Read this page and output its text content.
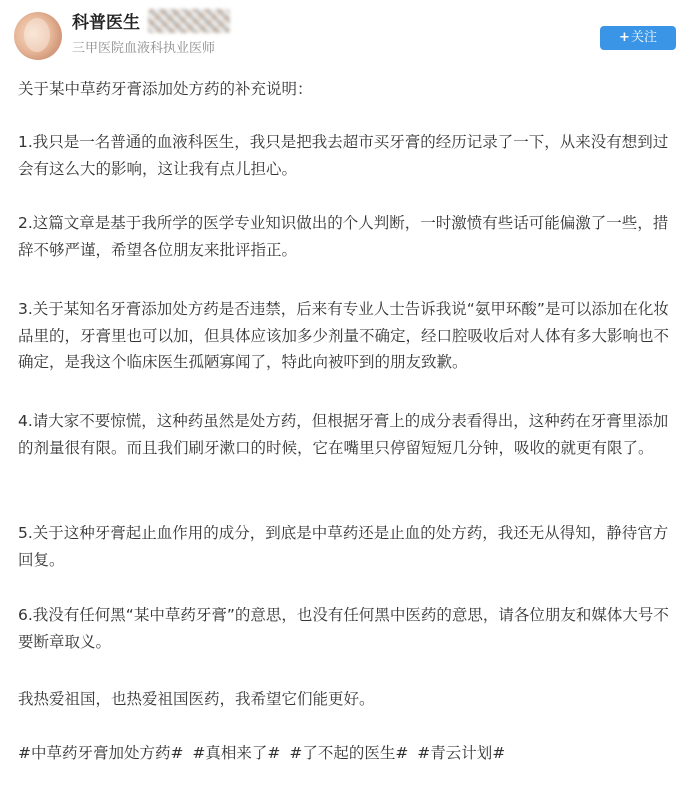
科普医生
三甲医院血液科执业医师
+关注

关于某中草药牙膏添加处方药的补充说明：

1.我只是一名普通的血液科医生，我只是把我去超市买牙膏的经历记录了一下，从来没有想到过会有这么大的影响，这让我有点儿担心。

2.这篇文章是基于我所学的医学专业知识做出的个人判断，一时激愤有些话可能偏激了一些，措辞不够严谨，希望各位朋友来批评指正。

3.关于某知名牙膏添加处方药是否违禁，后来有专业人士告诉我说“氨甲环酸”是可以添加在化妆品里的，牙膏里也可以加，但具体应该加多少剂量不确定，经口腔吸收后对人体有多大影响也不确定，是我这个临床医生孤陋寡闻了，特此向被吓到的朋友致歉。

4.请大家不要惊慌，这种药虽然是处方药，但根据牙膏上的成分表看得出，这种药在牙膏里添加的剂量很有限。而且我们刷牙漱口的时候，它在嘴里只停留短短几分钟，吸收的就更有限了。

5.关于这种牙膏起止血作用的成分，到底是中草药还是止血的处方药，我还无从得知，静待官方回复。

6.我没有任何黑“某中草药牙膏”的意思，也没有任何黑中医药的意思，请各位朋友和媒体大号不要断章取义。

我热爱祖国，也热爱祖国医药，我希望它们能更好。

#中草药牙膏加处方药# #真相来了# #了不起的医生# #青云计划#
